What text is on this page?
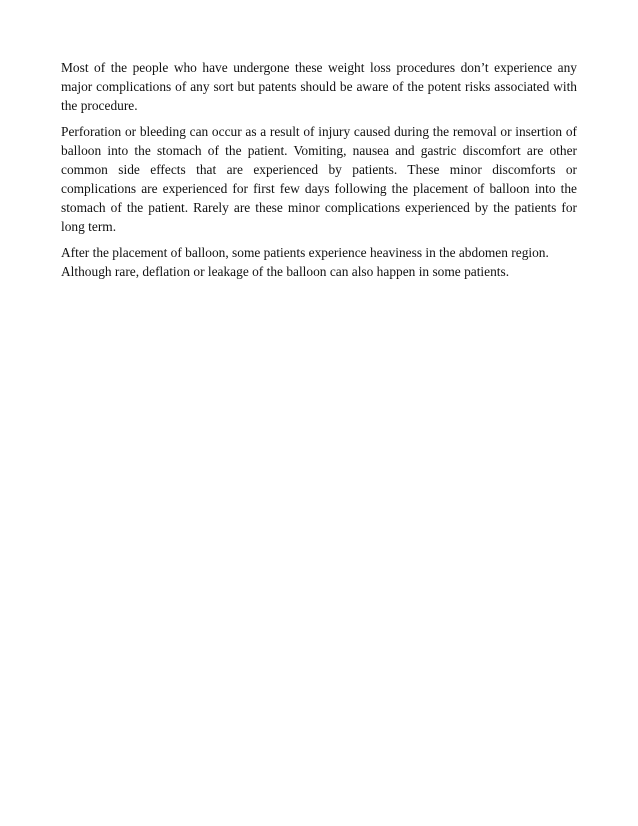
Most of the people who have undergone these weight loss procedures don’t experience any major complications of any sort but patents should be aware of the potent risks associated with the procedure.

Perforation or bleeding can occur as a result of injury caused during the removal or insertion of balloon into the stomach of the patient. Vomiting, nausea and gastric discomfort are other common side effects that are experienced by patients. These minor discomforts or complications are experienced for first few days following the placement of balloon into the stomach of the patient. Rarely are these minor complications experienced by the patients for long term.

After the placement of balloon, some patients experience heaviness in the abdomen region. Although rare, deflation or leakage of the balloon can also happen in some patients.
